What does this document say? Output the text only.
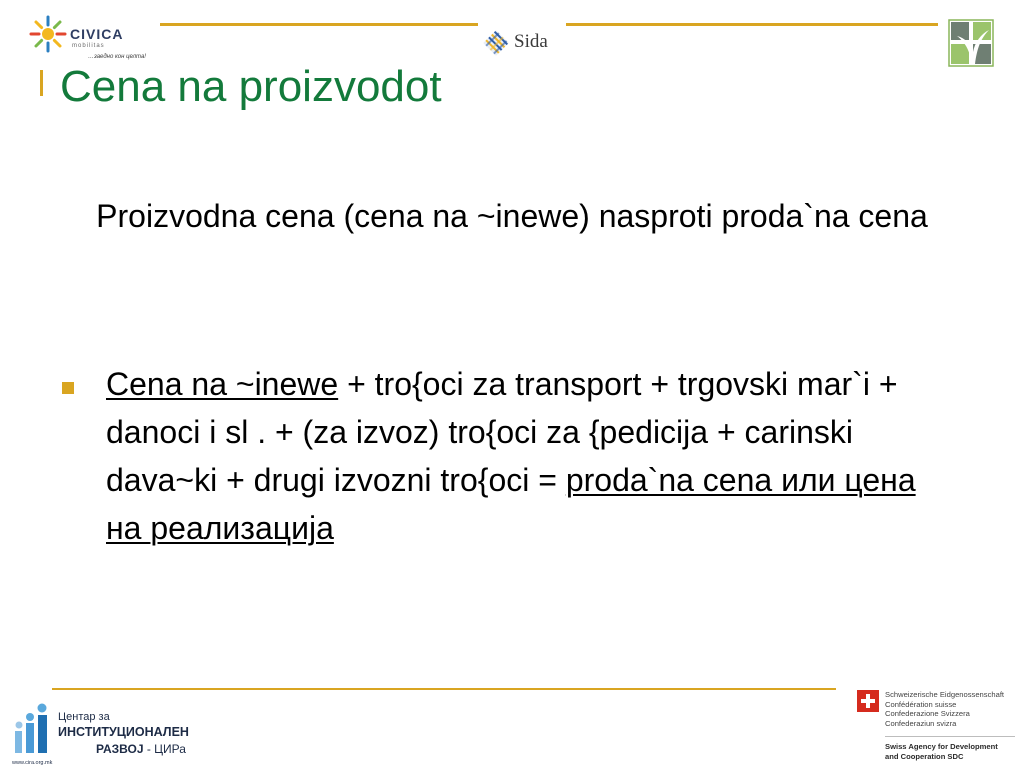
CIVICA
mobilitas
…заедно кон целта!
Sida
Cena na proizvodot

Proizvodna cena (cena na ~inewe) nasproti proda`na cena

Cena na ~inewe + tro{oci za transport + trgovski mar`i + danoci i sl . + (za izvoz) tro{oci za {pedicija + carinski dava~ki + drugi izvozni tro{oci = proda`na cena или цена на реализација

Центар за
ИНСТИТУЦИОНАЛЕН
РАЗВОЈ - ЦИРа
www.cira.org.mk
Schweizerische Eidgenossenschaft
Confédération suisse
Confederazione Svizzera
Confederaziun svizra
Swiss Agency for Development
and Cooperation SDC
